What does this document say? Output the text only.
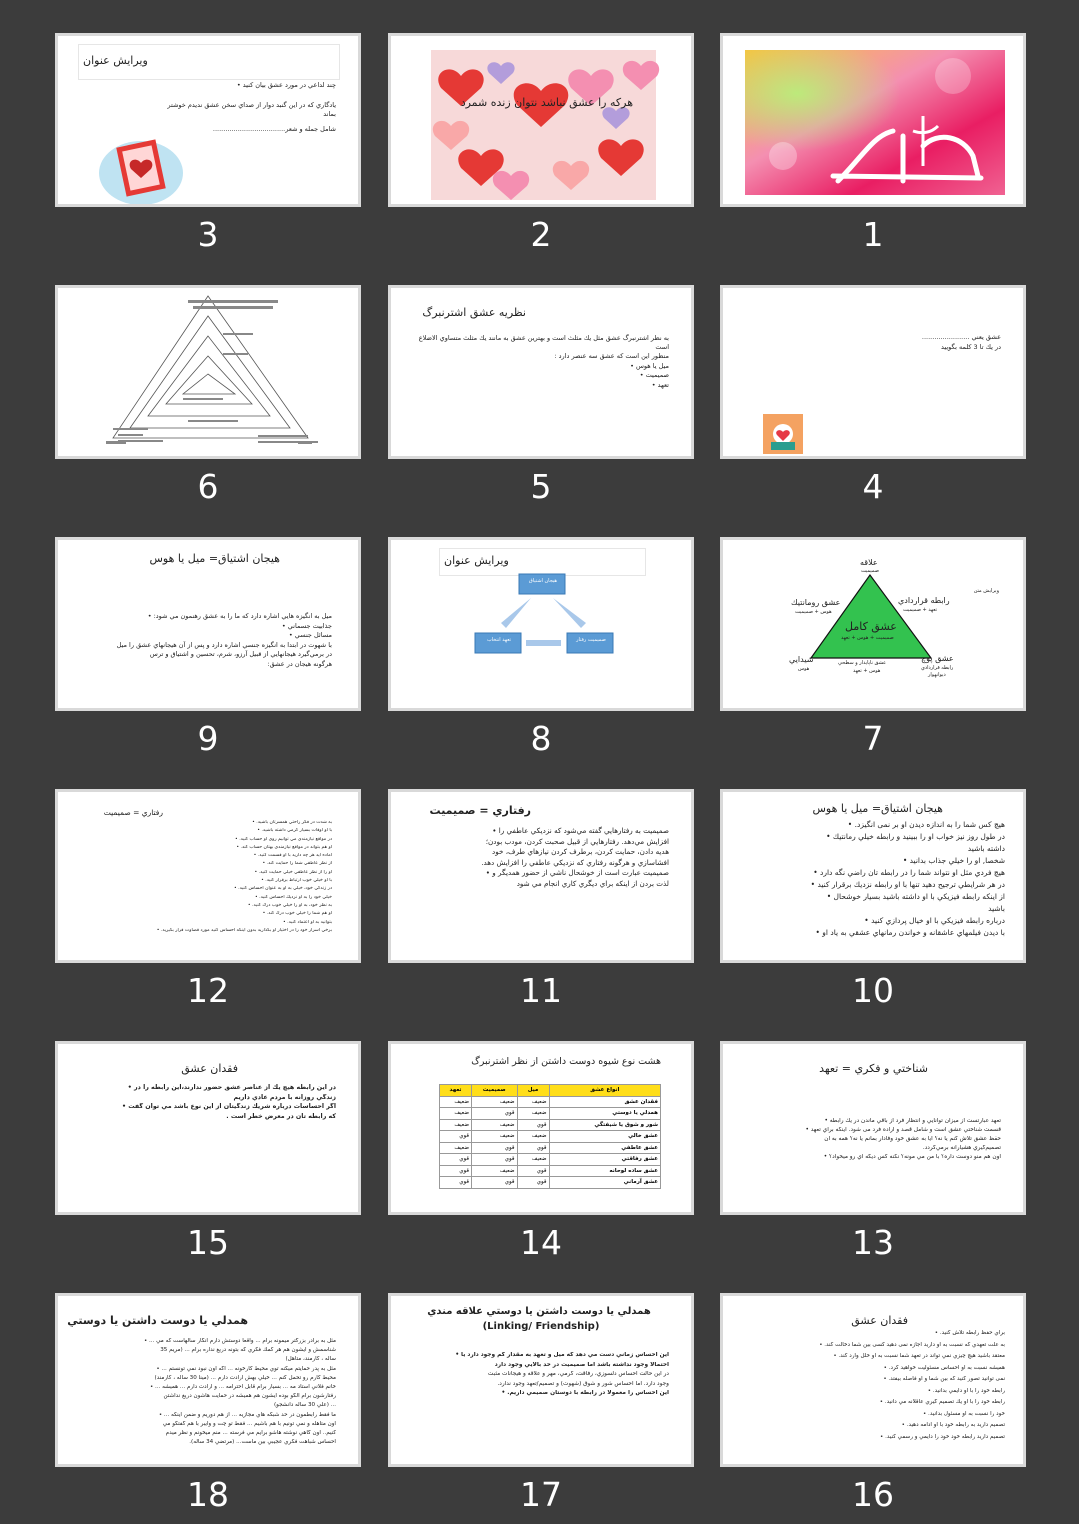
1
هركه را عشق نباشد نتوان زنده شمرد
2
ويرايش عنوان
چند لداعي در مورد عشق بيان كنيد •
يادگاري كه در اين گنبد دوار از صداي سخن عشق نديدم خوشتر
بماند
شامل جمله و شعر...................................
3
عشق يعني .......................
در يك تا 3 كلمه بگوييد
4
نظريه عشق اشترنبرگ
به نظر اشترنبرگ عشق مثل يك مثلث است و بهترين عشق به مانند يك مثلث متساوي الاضلاع است
منظور اين است كه عشق سه عنصر دارد :
ميل يا هوس •
صميميت •
تعهد •
5
6
ويرايش متن
علاقه
صميميت
عشق رومانتيك
هوس + صميميت
رابطه قراردادي
تعهد + صميميت
عشق كامل
صميميت + هوس + تعهد
شيدايي
هوس
عشق پوچ
رابطه قراردادي
ديوانهوار
عشق ناپايدار و سطحي
هوس + تعهد
7
ويرايش عنوان
هيجان اشتياق
تعهد انتخاب	صميميت رفتار
8
هيجان اشتياق= ميل يا هوس
ميل به انگيزه هايي اشاره دارد كه ما را به عشق رهنمون مي شود: •
جذابيت جسماني •
مسائل جنسي •
با شهوت در ابتدا به انگيزه جنسي اشاره دارد و پس از آن هيجانهاي عشق را ميل
در برمي‌گيرد هيجانهايي از قبيل آرزو، شرم، تحسين و اشتياق و ترس
هرگونه هيجان در عشق:
9
هيجان اشتياق= ميل يا هوس
هيچ كس شما را به اندازه ديدن او بر نمی انگيزد. •
در طول روز نيز خواب او را ببينيد و رابطه خيلي رمانتيك •
داشته باشيد
شخصا, او را خيلي جذاب بدانيد •
هيچ فردي مثل او نتواند شما را در رابطه تان راضي نگه دارد •
در هر شرايطي ترجيح دهيد تنها با او رابطه نزديك برقرار كنيد •
از اينكه رابطه فيزيكي با او داشته باشيد بسيار خوشحال •
باشيد
درباره رابطه فيزيكي با او خيال پردازي كنيد •
با ديدن فيلمهاي عاشقانه و خواندن رمانهاي عشقي به ياد او •
10
رفتاري = صميميت
صميميت به رفتارهايي گفته مي‌شود كه نزديكي عاطفي را •
افزايش مي‌دهد. رفتارهايي از قبيل صحبت كردن، مودب بودن؛
هديه دادن، حمايت كردن، برطرف كردن نيازهاي طرف، خود
افشاسازي و هرگونه رفتاري كه نزديكي عاطفي را افزايش دهد.
صميميت عبارت است از خوشحال ناشي از حضور همديگر و •
لذت بردن از اينكه براي ديگري كاري انجام مي شود
11
رفتاري = صميميت
به شدت در فكر راحتي همسرتان باشيد. •
با او اوقات بسيار گرمي داشته باشيد. •
در مواقع نيازمندي مي توانيم روي او حساب كنيد. •
او هم بتواند در مواقع نيازمندي بهتان حساب كند. •
آماده ايد هر چه داريد با او قسمت كنيد. •
از نظر عاطفي شما را حمايت كند. •
او را از نظر عاطفي خيلي حمايت كنيد. •
با او خيلي خوب ارتباط برقرار كنيد. •
در زندگي خود، خيلي به او به عنوان احساس كنيد. •
خيلي خود را به او نزديك احساس كنيد. •
به نظر خود، به او را خيلي خوب درك كنيد. •
او هم شما را خيلي خوب درك كند. •
بتوانيد به او اعتماد كنيد. •
برخي اسرار خود را در اختيار او بگذاريد بدون اينكه احساس كنيد مورد قضاوت قرار بگيريد. •
12
شناختي و فكري = تعهد
تعهد عبارتست از ميزان توانايي و انتظار فرد از باقي ماندن در يك رابطه •
قسمت شناختي عشق است و شامل قصد و اراده فرد می شود. اينكه براي تعهد •
حفظ عشق تلاش كنم يا نه؟ آيا به عشق خود وفادار بمانم يا نه؟ همه به آن
تصميم‌گيري هشيارانه برمي‌گردد.
اون هم منو دوست داره؟ با من مي مونه؟ نكنه كس ديگه اي رو ميخواد؟ •
13
هشت نوع شيوه دوست داشتن از نظر اشترنبرگ
انواع عشق	ميل	صميميت	تعهد
فقدان عشق	ضعيف	ضعيف	ضعيف
همدلي يا دوستي	ضعيف	قوي	ضعيف
شور و شوق يا شيفتگي	قوي	ضعيف	ضعيف
عشق خالي	ضعيف	ضعيف	قوي
عشق عاطفي	قوي	قوي	ضعيف
عشق رفاقتي	ضعيف	قوي	قوي
عشق ساده لوحانه	قوي	ضعيف	قوي
عشق آرماني	قوي	قوي	قوي
14
فقدان عشق
در اين رابطه هيچ يك از عناصر عشق حضور ندارند،اين رابطه را در •
زندگي روزانه با مردم عادي داريم
اگر احساسات درباره شريك زندگيتان از اين نوع باشد مي توان گفت •
كه رابطه تان در معرض خطر است .
15
فقدان عشق
براي حفظ رابطه تلاش كنيد. •
به علت تعهدي كه نسبت به او داريد اجازه نمی دهيد كسی بين شما دخالت كند. •
معتقد باشيد هيچ چيزي نمي تواند در تعهد شما نسبت به او خلل وارد كند. •
هميشه نسبت به او احساس مسئوليت خواهيد كرد. •
نمی توانيد تصور كنيد كه بين شما و او فاصله بيفتد. •
رابطه خود را با او دايمي بدانيد. •
رابطه خود را با او يك تصميم گيري عاقلانه مي دانيد. •
خود را نسبت به او مسئول بدانيد. •
تصميم داريد به رابطه خود با او ادامه دهيد. •
تصميم داريد رابطه خود خود را دايمي و رسمي كنيد. •
16
همدلي يا دوست داشتن يا دوستي علاقه مندي
(Linking/ Friendship)
اين احساس زماني دست مي دهد كه ميل و تعهد به مقدار كم وجود دارد يا •
احتمالا وجود نداشته باشد اما صميميت در حد بالايي وجود دارد
در اين حالت احساس دلسوزي، رفاقت، گرمي، مهر و علاقه و هيجانات مثبت
وجود دارد. اما احساس شور و شوق (شهوت) و تصميم/تعهد وجود ندارد.
اين احساس را معمولا در رابطه با دوستان صميمي داريم. •
17
همدلي يا دوست داشتن يا دوستي
مثل به برادر بزرگتر ميمونه برام ... واقعا دوستش دارم انگار سالهاست كه مي ... •
شناسمش و ايشون هم هر كمك فكري كه بتونه دريغ نداره برام ... (مريم 35
ساله ، كارمند، متاهل)
مثل به پدر حمايتم ميكنه توي محيط كارخونه ... اگه اون نبود نمي تونستم ... •
محيط كارم رو تحمل كنم ... خيلي بهش ارادت دارم ... (مينا 30 ساله ، كارمند)
خانم فلاني استاد مه ... بسيار برام قابل احترامه ... و ارادت دارم ... هميشه ... •
رفتارشون برام الگو بوده ايشون هم هميشه در حمايت هاشون دريغ نداشتن
... (علي 30 ساله دانشجو)
ما فقط رابطمون در حد شبكه هاي مجازيه ... از هم دوريم و ضمن اينكه ... •
اون متاهله و نمي تونيم با هم باشيم ... فقط تو چت و وايبر با هم گفتگو مي
كنيم.. اون گاهي نوشته هاشو برايم مي فرسته ... منم ميخونم و نظر ميدم
احساس شباهت فكري عجيبي بين ماست... (مرتضي 34 ساله).
18
